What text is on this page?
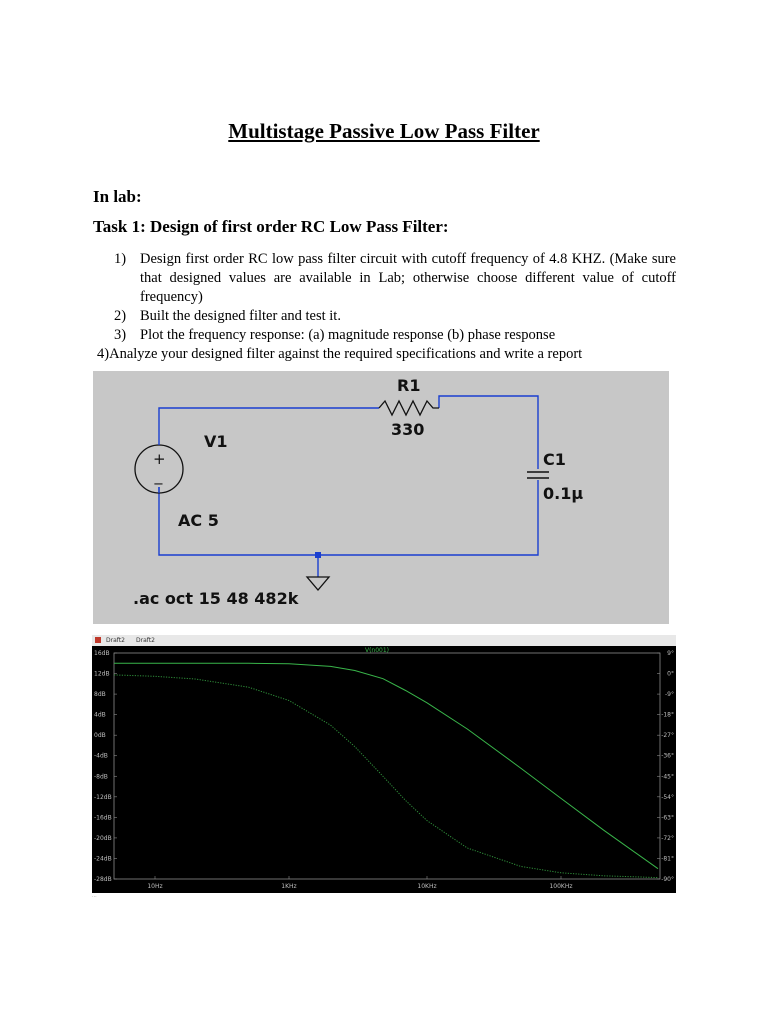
Multistage Passive Low Pass Filter
In lab:
Task 1: Design of first order RC Low Pass Filter:
1) Design first order RC low pass filter circuit with cutoff frequency of 4.8 KHZ. (Make sure that designed values are available in Lab; otherwise choose different value of cutoff frequency)
2) Built the designed filter and test it.
3) Plot the frequency response: (a) magnitude response (b) phase response
4) Analyze your designed filter against the required specifications and write a report
+
−
R1
330
V1
AC 5
C1
0.1µ
.ac oct 15 48 482k
Draft2 Draft2
V(n001)
16dB
12dB
8dB
4dB
0dB
-4dB
-8dB
-12dB
-16dB
-20dB
-24dB
-28dB
9°
0°
-9°
-18°
-27°
-36°
-45°
-54°
-63°
-72°
-81°
-90°
10Hz	1KHz	10KHz	100KHz
...
